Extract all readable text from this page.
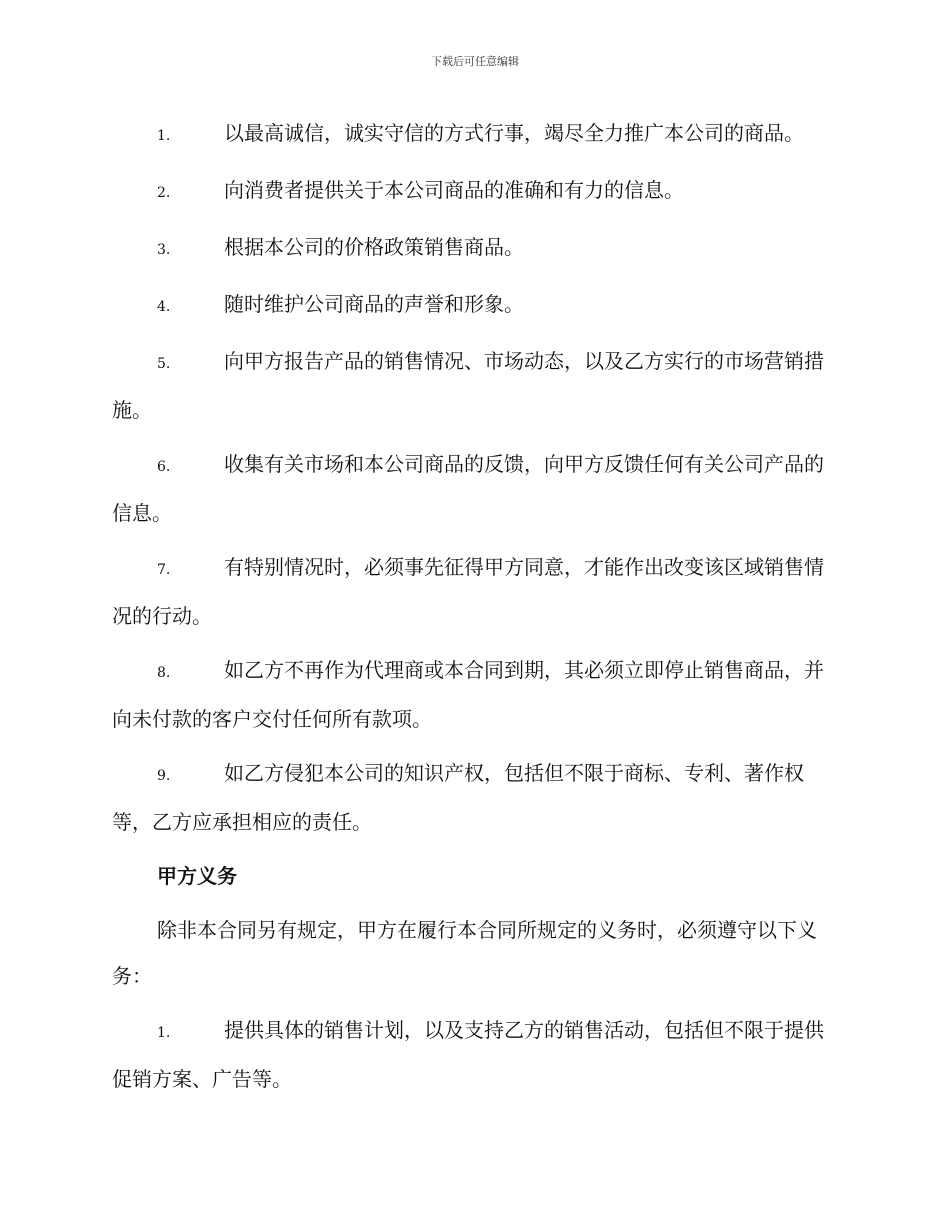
下载后可任意编辑

1.	以最高诚信，诚实守信的方式行事，竭尽全力推广本公司的商品。

2.	向消费者提供关于本公司商品的准确和有力的信息。

3.	根据本公司的价格政策销售商品。

4.	随时维护公司商品的声誉和形象。

5.	向甲方报告产品的销售情况、市场动态，以及乙方实行的市场营销措施。

6.	收集有关市场和本公司商品的反馈，向甲方反馈任何有关公司产品的信息。

7.	有特别情况时，必须事先征得甲方同意，才能作出改变该区域销售情况的行动。

8.	如乙方不再作为代理商或本合同到期，其必须立即停止销售商品，并向未付款的客户交付任何所有款项。

9.	如乙方侵犯本公司的知识产权，包括但不限于商标、专利、著作权等，乙方应承担相应的责任。

甲方义务

除非本合同另有规定，甲方在履行本合同所规定的义务时，必须遵守以下义务：

1.	提供具体的销售计划，以及支持乙方的销售活动，包括但不限于提供促销方案、广告等。
